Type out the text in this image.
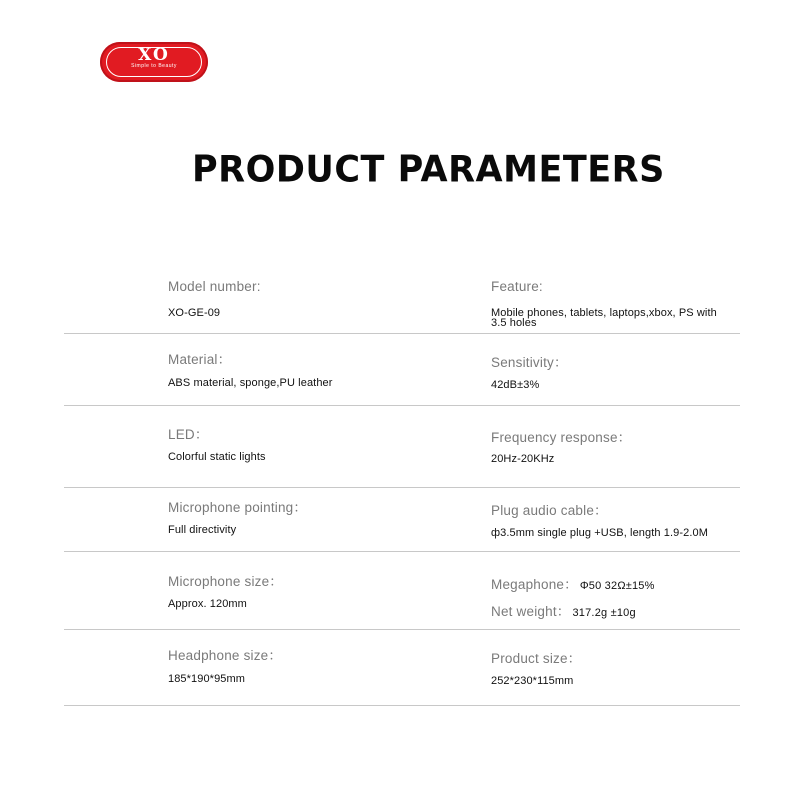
XO
Simple to Beauty
PRODUCT PARAMETERS
Model number:
XO-GE-09
Feature:
Mobile phones, tablets, laptops,xbox, PS with 3.5 holes
Material：
ABS material, sponge,PU leather
Sensitivity：
42dB±3%
LED：
Colorful static lights
Frequency response：
20Hz-20KHz
Microphone pointing：
Full directivity
Plug audio cable：
ф3.5mm single plug +USB, length 1.9-2.0M
Microphone size：
Approx. 120mm
Megaphone： Φ50 32Ω±15%
Net weight： 317.2g ±10g
Headphone size：
185*190*95mm
Product size：
252*230*115mm
